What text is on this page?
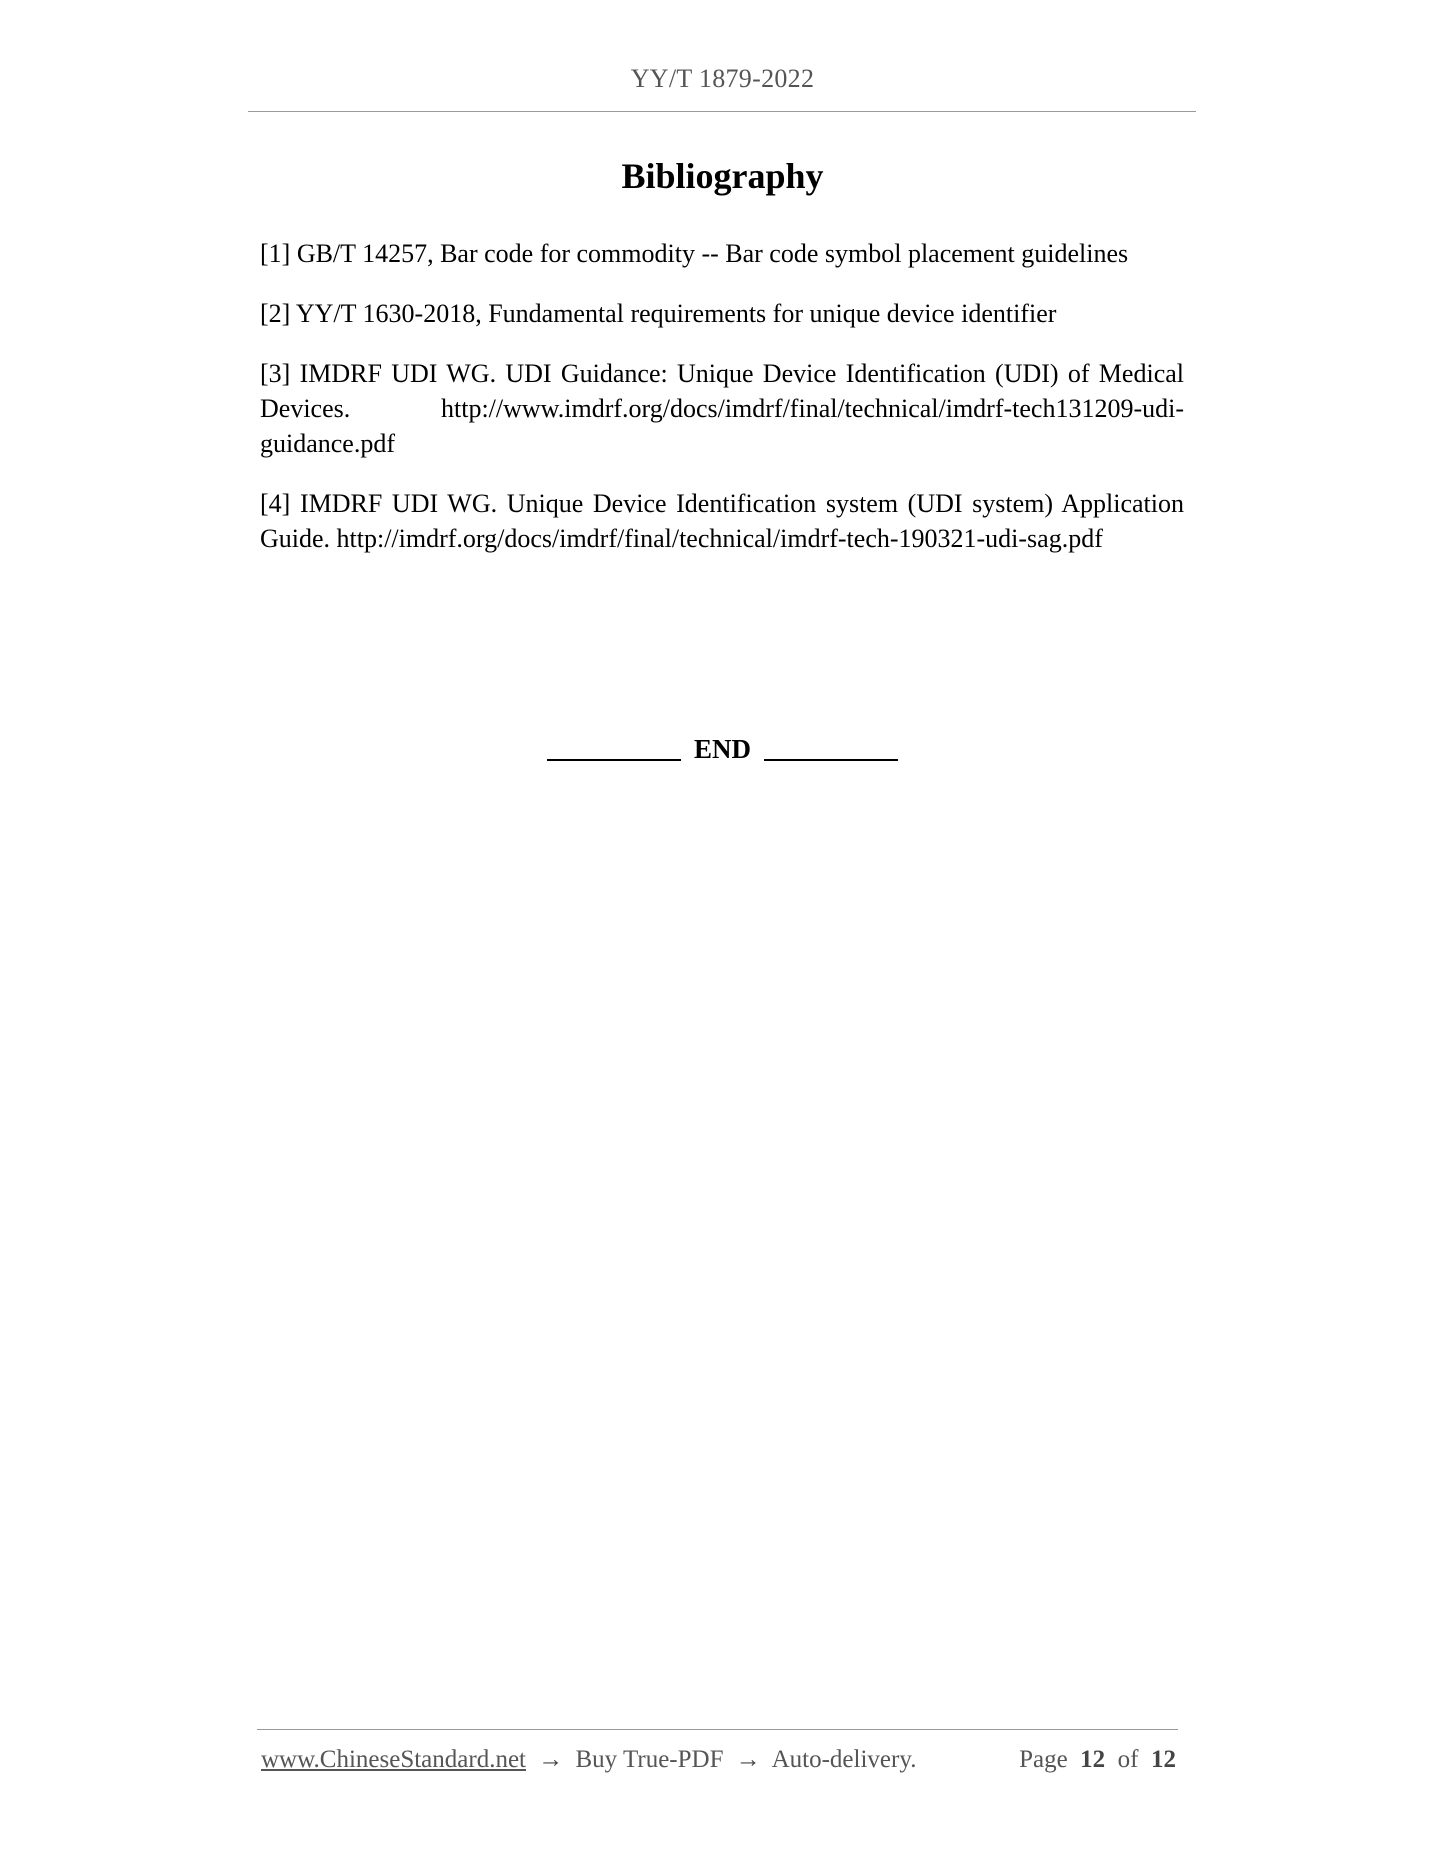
YY/T 1879-2022
Bibliography

[1] GB/T 14257, Bar code for commodity -- Bar code symbol placement guidelines

[2] YY/T 1630-2018, Fundamental requirements for unique device identifier

[3] IMDRF UDI WG. UDI Guidance: Unique Device Identification (UDI) of Medical Devices. http://www.imdrf.org/docs/imdrf/final/technical/imdrf-tech131209-udi-guidance.pdf

[4] IMDRF UDI WG. Unique Device Identification system (UDI system) Application Guide. http://imdrf.org/docs/imdrf/final/technical/imdrf-tech-190321-udi-sag.pdf

END
www.ChineseStandard.net → Buy True-PDF → Auto-delivery.	Page 12 of 12
